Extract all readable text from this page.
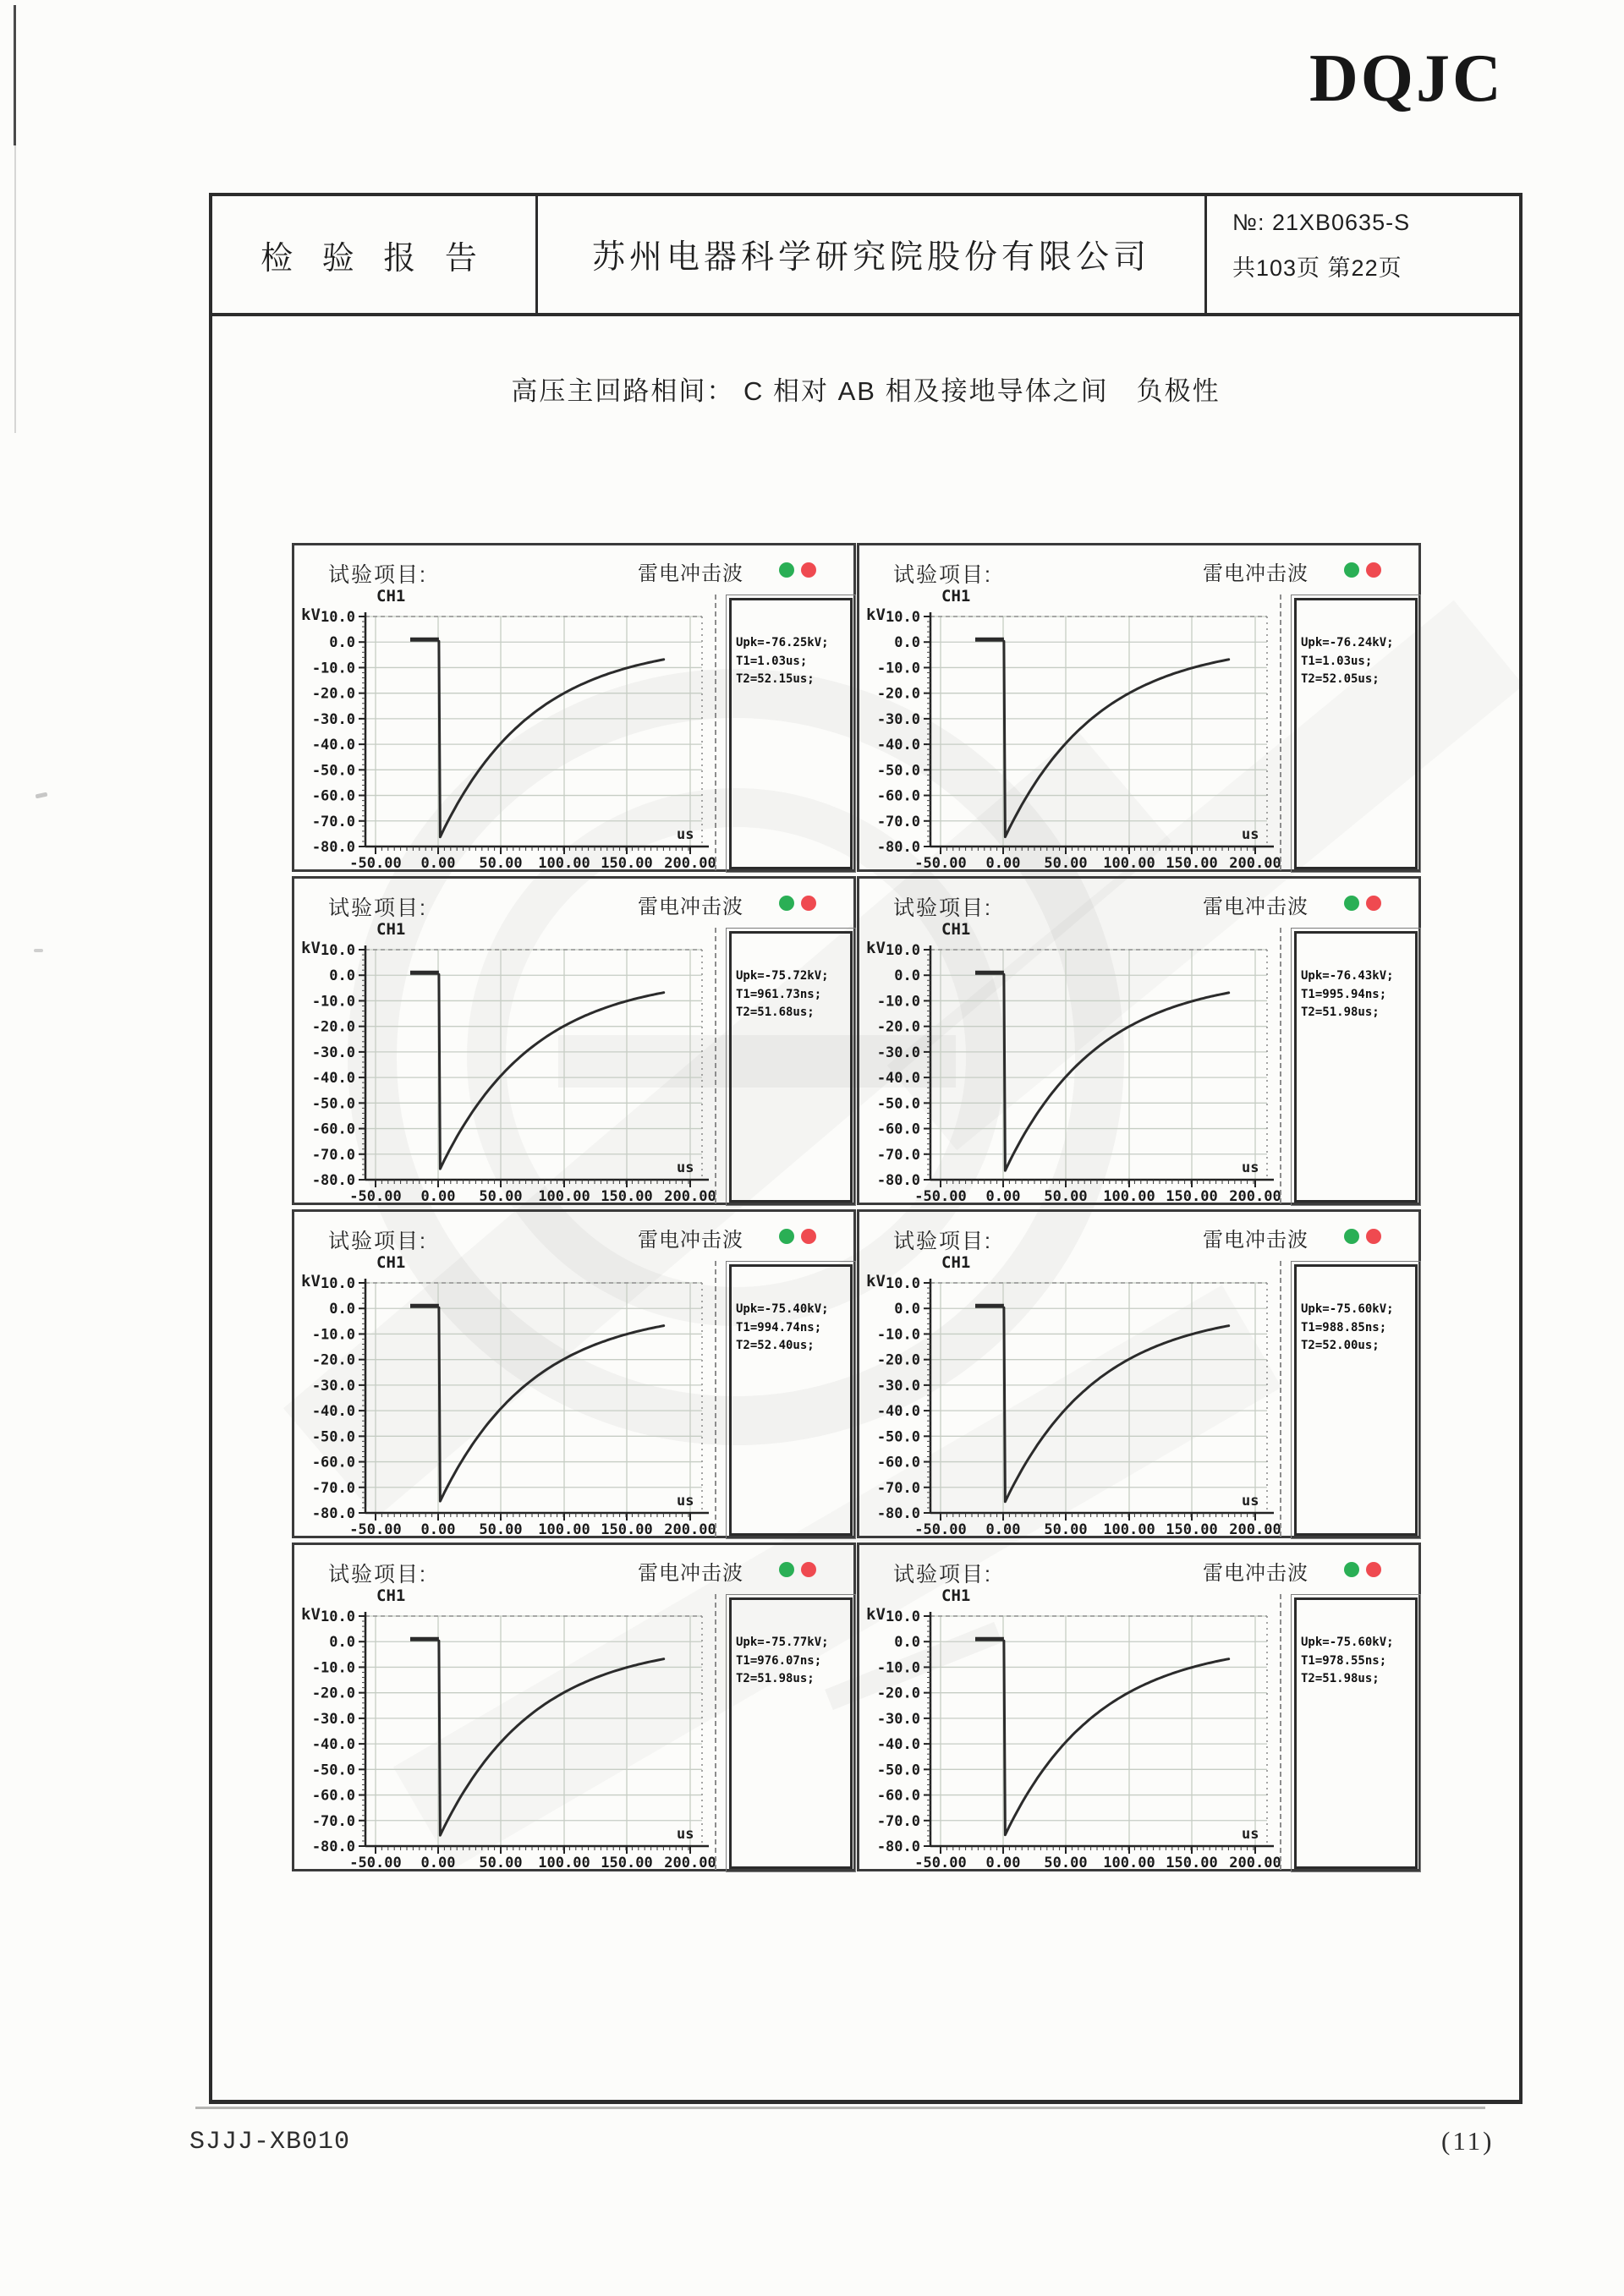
DQJC
检 验 报 告	苏州电器科学研究院股份有限公司
№: 21XB0635-S
共103页 第22页
高压主回路相间： C 相对 AB 相及接地导体之间　负极性
10.0
0.0
-10.0
-20.0
-30.0
-40.0
-50.0
-60.0
-70.0
-80.0
-50.00 0.00 50.00 100.00 150.00 200.00
试验项目:	雷电冲击波
CH1
kV
us
Upk=-76.25kV;
T1=1.03us;
T2=52.15us;
10.0
0.0
-10.0
-20.0
-30.0
-40.0
-50.0
-60.0
-70.0
-80.0
-50.00 0.00 50.00 100.00 150.00 200.00
试验项目:	雷电冲击波
CH1
kV
us
Upk=-76.24kV;
T1=1.03us;
T2=52.05us;
10.0
0.0
-10.0
-20.0
-30.0
-40.0
-50.0
-60.0
-70.0
-80.0
-50.00 0.00 50.00 100.00 150.00 200.00
试验项目:	雷电冲击波
CH1
kV
us
Upk=-75.72kV;
T1=961.73ns;
T2=51.68us;
10.0
0.0
-10.0
-20.0
-30.0
-40.0
-50.0
-60.0
-70.0
-80.0
-50.00 0.00 50.00 100.00 150.00 200.00
试验项目:	雷电冲击波
CH1
kV
us
Upk=-76.43kV;
T1=995.94ns;
T2=51.98us;
10.0
0.0
-10.0
-20.0
-30.0
-40.0
-50.0
-60.0
-70.0
-80.0
-50.00 0.00 50.00 100.00 150.00 200.00
试验项目:	雷电冲击波
CH1
kV
us
Upk=-75.40kV;
T1=994.74ns;
T2=52.40us;
10.0
0.0
-10.0
-20.0
-30.0
-40.0
-50.0
-60.0
-70.0
-80.0
-50.00 0.00 50.00 100.00 150.00 200.00
试验项目:	雷电冲击波
CH1
kV
us
Upk=-75.60kV;
T1=988.85ns;
T2=52.00us;
10.0
0.0
-10.0
-20.0
-30.0
-40.0
-50.0
-60.0
-70.0
-80.0
-50.00 0.00 50.00 100.00 150.00 200.00
试验项目:	雷电冲击波
CH1
kV
us
Upk=-75.77kV;
T1=976.07ns;
T2=51.98us;
10.0
0.0
-10.0
-20.0
-30.0
-40.0
-50.0
-60.0
-70.0
-80.0
-50.00 0.00 50.00 100.00 150.00 200.00
试验项目:	雷电冲击波
CH1
kV
us
Upk=-75.60kV;
T1=978.55ns;
T2=51.98us;
SJJJ-XB010	(11)
